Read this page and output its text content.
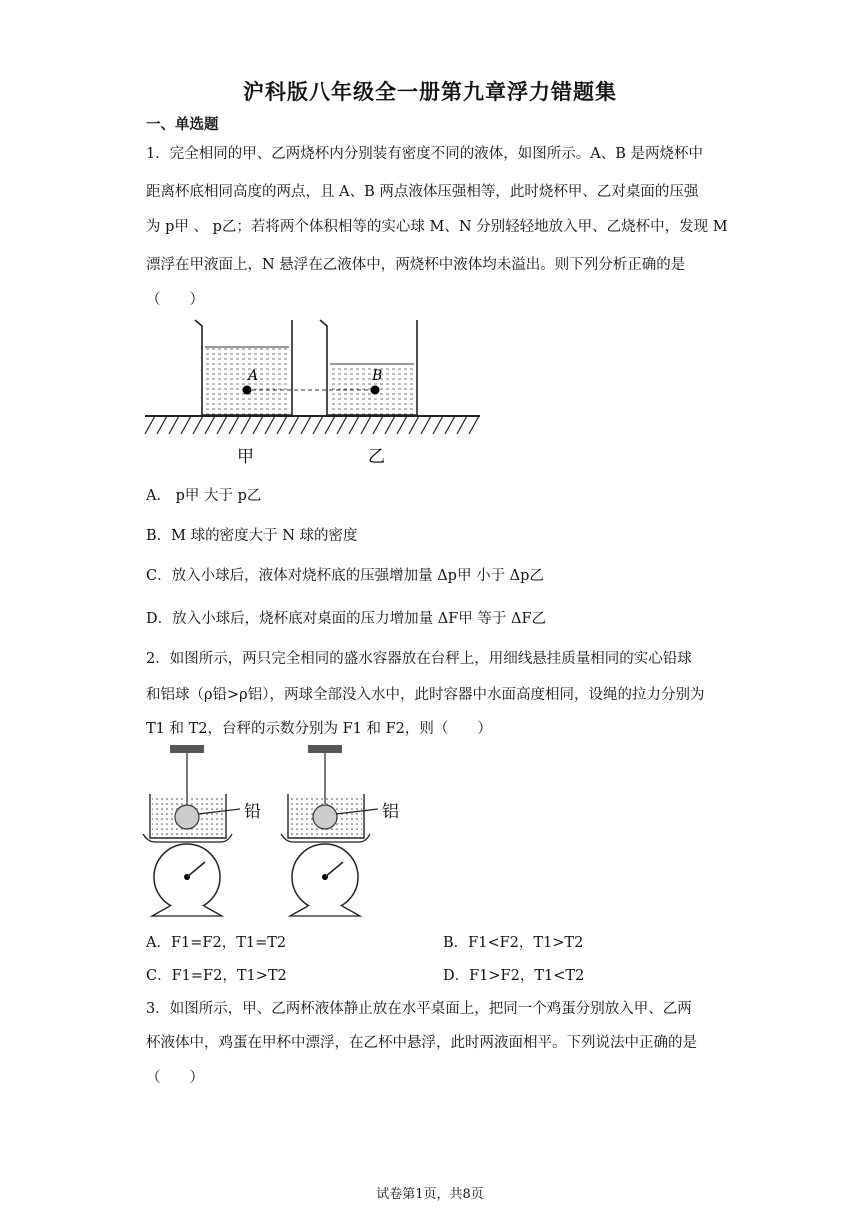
沪科版八年级全一册第九章浮力错题集
一、单选题
1．完全相同的甲、乙两烧杯内分别装有密度不同的液体，如图所示。A、B 是两烧杯中
距离杯底相同高度的两点，且 A、B 两点液体压强相等，此时烧杯甲、乙对桌面的压强
为 p甲 、 p乙；若将两个体积相等的实心球 M、N 分别轻轻地放入甲、乙烧杯中，发现 M
漂浮在甲液面上，N 悬浮在乙液体中，两烧杯中液体均未溢出。则下列分析正确的是
（　　）
A	B
甲	乙
A． p甲 大于 p乙
B．M 球的密度大于 N 球的密度
C．放入小球后，液体对烧杯底的压强增加量 Δp甲 小于 Δp乙
D．放入小球后，烧杯底对桌面的压力增加量 ΔF甲 等于 ΔF乙
2．如图所示，两只完全相同的盛水容器放在台秤上，用细线悬挂质量相同的实心铅球
和铝球（ρ铅>ρ铝），两球全部没入水中，此时容器中水面高度相同，设绳的拉力分别为
T1 和 T2，台秤的示数分别为 F1 和 F2，则（　　）
铅	铝
A．F1=F2，T1=T2	B．F1<F2，T1>T2
C．F1=F2，T1>T2	D．F1>F2，T1<T2
3．如图所示，甲、乙两杯液体静止放在水平桌面上，把同一个鸡蛋分别放入甲、乙两
杯液体中，鸡蛋在甲杯中漂浮，在乙杯中悬浮，此时两液面相平。下列说法中正确的是
（　　）
试卷第1页，共8页
